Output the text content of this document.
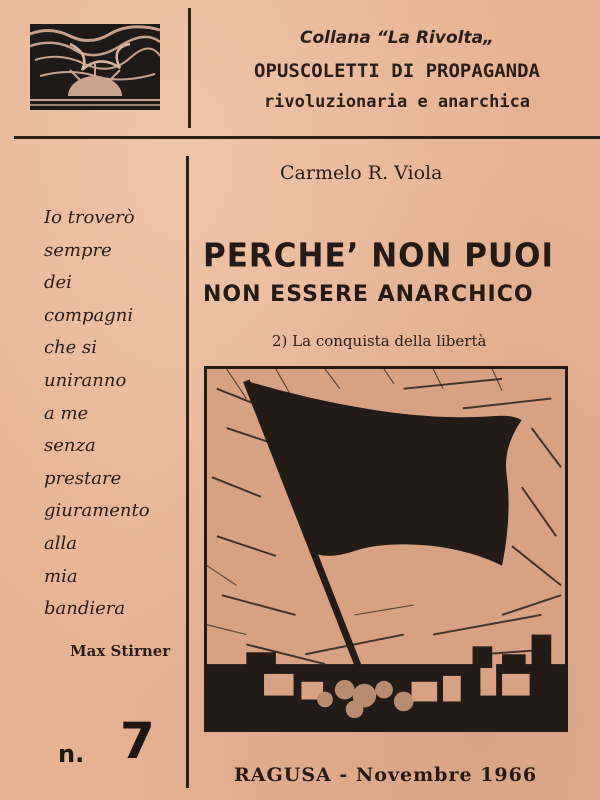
Collana “La Rivolta„
OPUSCOLETTI DI PROPAGANDA
rivoluzionaria e anarchica
Carmelo R. Viola
PERCHE’ NON PUOI
NON ESSERE ANARCHICO
2) La conquista della libertà
Io troverò
sempre
dei
compagni
che si
uniranno
a me
senza
prestare
giuramento
alla
mia
bandiera
Max Stirner
n. 7
RAGUSA - Novembre 1966
